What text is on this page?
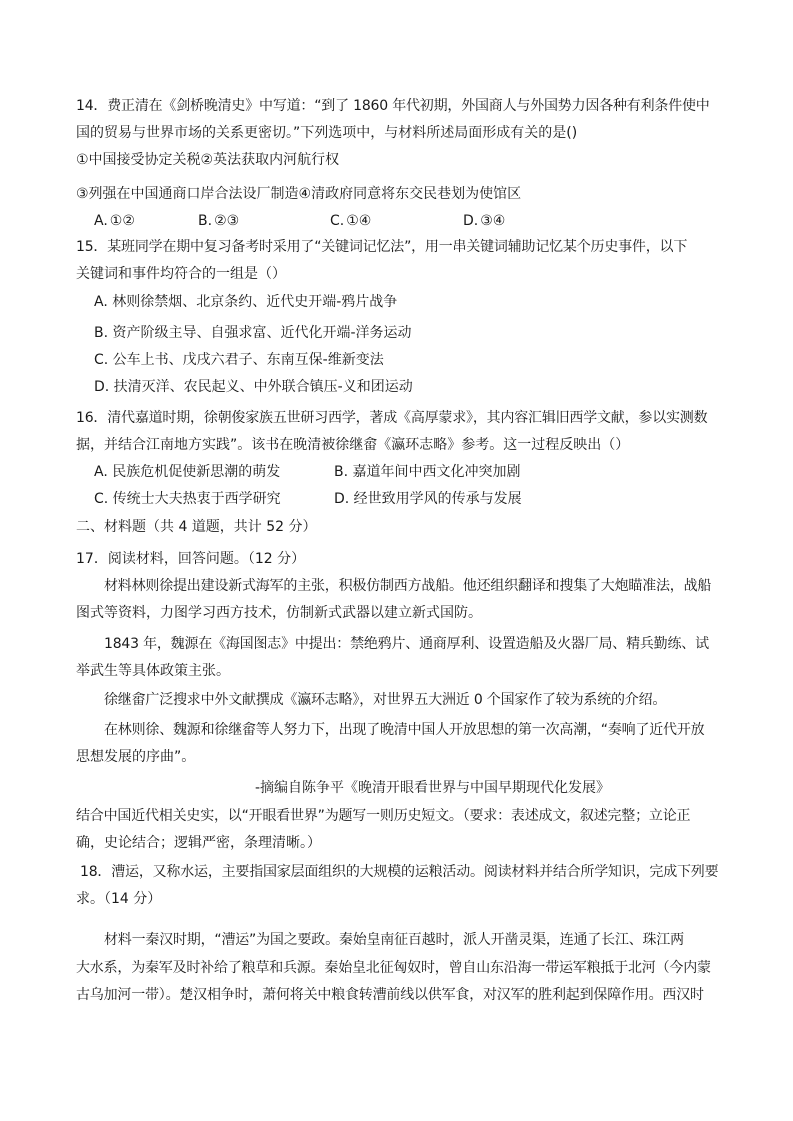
14．费正清在《剑桥晚清史》中写道：“到了 1860 年代初期，外国商人与外国势力因各种有利条件使中
国的贸易与世界市场的关系更密切。”下列选项中，与材料所述局面形成有关的是()
①中国接受协定关税②英法获取内河航行权
③列强在中国通商口岸合法设厂制造④清政府同意将东交民巷划为使馆区
A. ①②	B. ②③	C. ①④	D. ③④
15．某班同学在期中复习备考时采用了“关键词记忆法”，用一串关键词辅助记忆某个历史事件，以下
关键词和事件均符合的一组是（）
A. 林则徐禁烟、北京条约、近代史开端-鸦片战争
B. 资产阶级主导、自强求富、近代化开端-洋务运动
C. 公车上书、戊戌六君子、东南互保-维新变法
D. 扶清灭洋、农民起义、中外联合镇压-义和团运动
16．清代嘉道时期，徐朝俊家族五世研习西学，著成《高厚蒙求》，其内容汇辑旧西学文献，参以实测数
据，并结合江南地方实践”。该书在晚清被徐继畲《瀛环志略》参考。这一过程反映出（）
A. 民族危机促使新思潮的萌发	B. 嘉道年间中西文化冲突加剧
C. 传统士大夫热衷于西学研究	D. 经世致用学风的传承与发展
二、材料题（共 4 道题，共计 52 分）
17．阅读材料，回答问题。（12 分）
材料林则徐提出建设新式海军的主张，积极仿制西方战船。他还组织翻译和搜集了大炮瞄准法，战船
图式等资料，力图学习西方技术，仿制新式武器以建立新式国防。
1843 年，魏源在《海国图志》中提出：禁绝鸦片、通商厚利、设置造船及火器厂局、精兵勤练、试
举武生等具体政策主张。
徐继畲广泛搜求中外文献撰成《瀛环志略》，对世界五大洲近 0 个国家作了较为系统的介绍。
在林则徐、魏源和徐继畲等人努力下，出现了晚清中国人开放思想的第一次高潮，“奏响了近代开放
思想发展的序曲”。
-摘编自陈争平《晚清开眼看世界与中国早期现代化发展》
结合中国近代相关史实，以“开眼看世界”为题写一则历史短文。（要求：表述成文，叙述完整；立论正
确，史论结合；逻辑严密，条理清晰。）
18．漕运，又称水运，主要指国家层面组织的大规模的运粮活动。阅读材料并结合所学知识，完成下列要
求。（14 分）
材料一秦汉时期，“漕运”为国之要政。秦始皇南征百越时，派人开凿灵渠，连通了长江、珠江两
大水系，为秦军及时补给了粮草和兵源。秦始皇北征匈奴时，曾自山东沿海一带运军粮抵于北河（今内蒙
古乌加河一带）。楚汉相争时，萧何将关中粮食转漕前线以供军食，对汉军的胜利起到保障作用。西汉时
